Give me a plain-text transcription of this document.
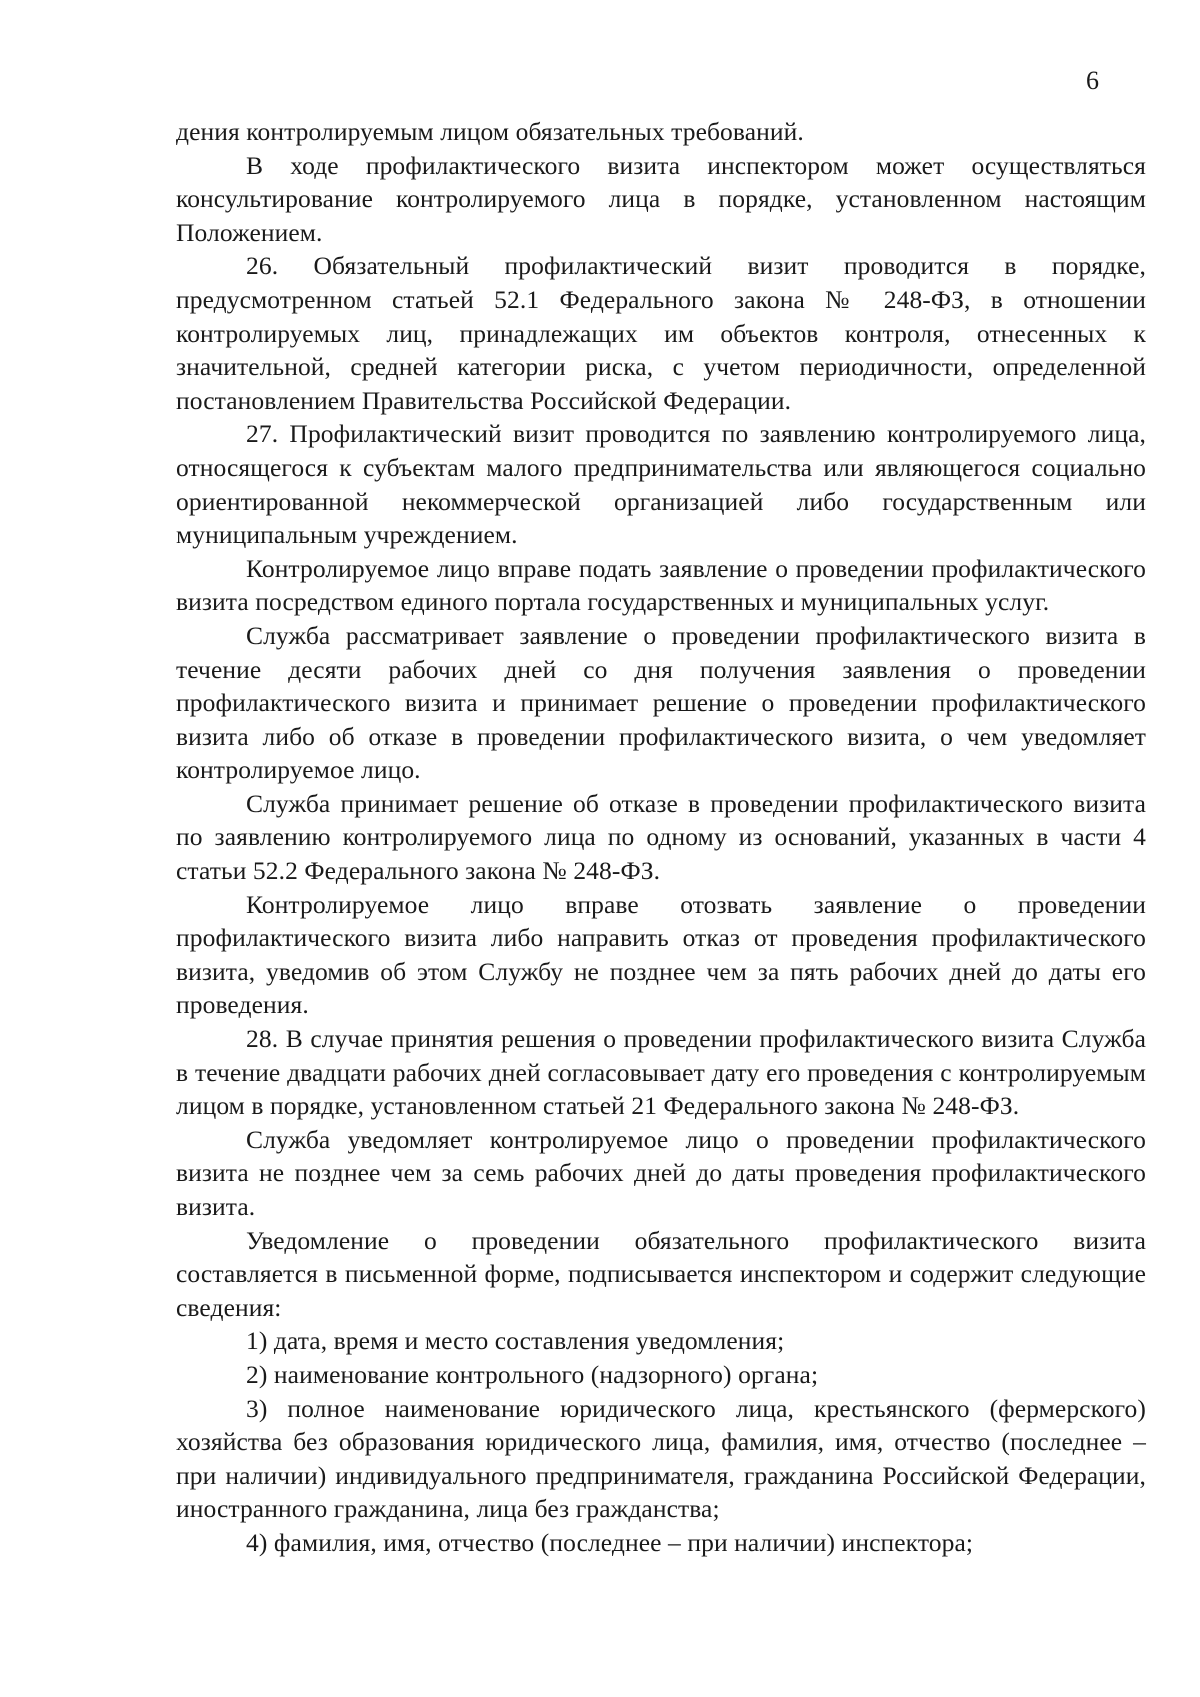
6

дения контролируемым лицом обязательных требований.

В ходе профилактического визита инспектором может осуществляться консультирование контролируемого лица в порядке, установленном настоящим Положением.

26. Обязательный профилактический визит проводится в порядке, предусмотренном статьей 52.1 Федерального закона № 248-ФЗ, в отношении контролируемых лиц, принадлежащих им объектов контроля, отнесенных к значительной, средней категории риска, с учетом периодичности, определенной постановлением Правительства Российской Федерации.

27. Профилактический визит проводится по заявлению контролируемого лица, относящегося к субъектам малого предпринимательства или являющегося социально ориентированной некоммерческой организацией либо государственным или муниципальным учреждением.

Контролируемое лицо вправе подать заявление о проведении профилактического визита посредством единого портала государственных и муниципальных услуг.

Служба рассматривает заявление о проведении профилактического визита в течение десяти рабочих дней со дня получения заявления о проведении профилактического визита и принимает решение о проведении профилактического визита либо об отказе в проведении профилактического визита, о чем уведомляет контролируемое лицо.

Служба принимает решение об отказе в проведении профилактического визита по заявлению контролируемого лица по одному из оснований, указанных в части 4 статьи 52.2 Федерального закона № 248-ФЗ.

Контролируемое лицо вправе отозвать заявление о проведении профилактического визита либо направить отказ от проведения профилактического визита, уведомив об этом Службу не позднее чем за пять рабочих дней до даты его проведения.

28. В случае принятия решения о проведении профилактического визита Служба в течение двадцати рабочих дней согласовывает дату его проведения с контролируемым лицом в порядке, установленном статьей 21 Федерального закона № 248-ФЗ.

Служба уведомляет контролируемое лицо о проведении профилактического визита не позднее чем за семь рабочих дней до даты проведения профилактического визита.

Уведомление о проведении обязательного профилактического визита составляется в письменной форме, подписывается инспектором и содержит следующие сведения:

1) дата, время и место составления уведомления;

2) наименование контрольного (надзорного) органа;

3) полное наименование юридического лица, крестьянского (фермерского) хозяйства без образования юридического лица, фамилия, имя, отчество (последнее – при наличии) индивидуального предпринимателя, гражданина Российской Федерации, иностранного гражданина, лица без гражданства;

4) фамилия, имя, отчество (последнее – при наличии) инспектора;
